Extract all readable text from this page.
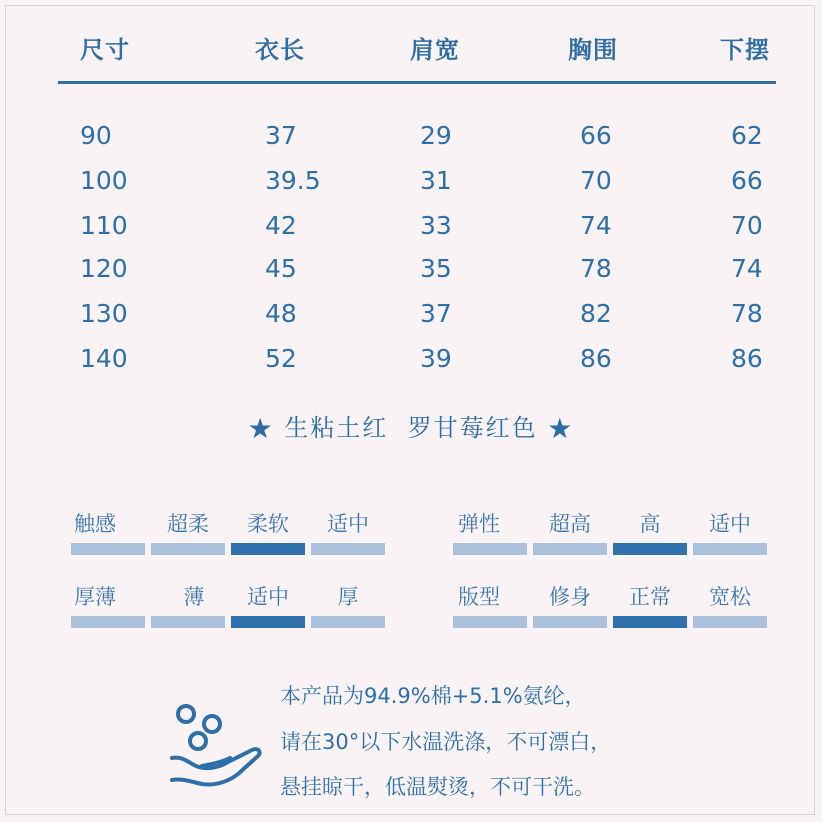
尺寸	衣长	肩宽	胸围	下摆
90	37	29	66	62
100	39.5	31	70	66
110	42	33	74	70
120	45	35	78	74
130	48	37	82	78
140	52	39	86	86
★ 生粘土红  罗甘莓红色 ★
触感	超柔	柔软	适中	弹性	超高	高	适中
厚薄	薄	适中	厚	版型	修身	正常	宽松
本产品为94.9%棉+5.1%氨纶，
请在30°以下水温洗涤，不可漂白，
悬挂晾干，低温熨烫，不可干洗。
